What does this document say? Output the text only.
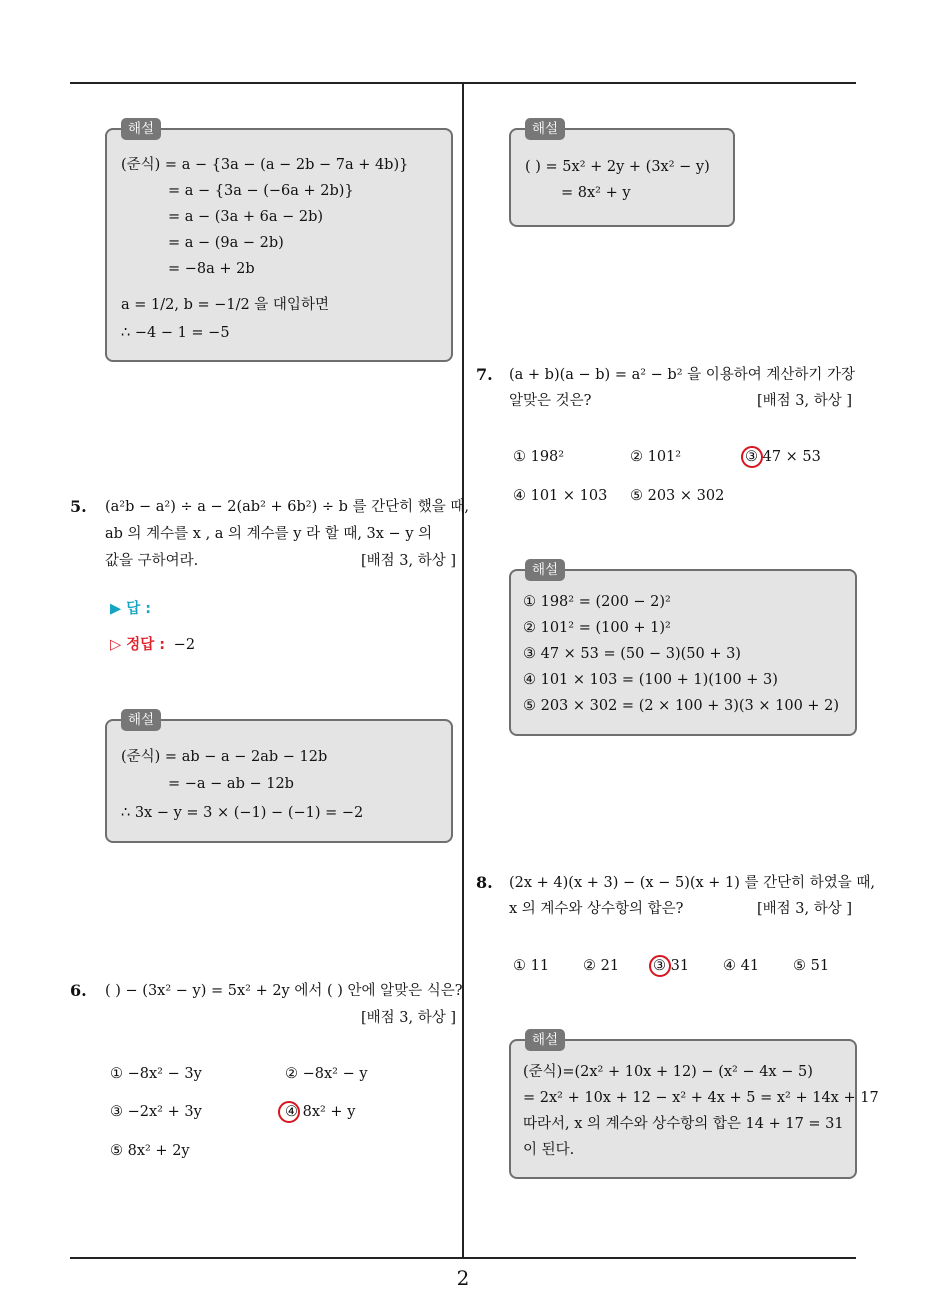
해설
(준식) = a − {3a − (a − 2b − 7a + 4b)}
= a − {3a − (−6a + 2b)}
= a − (3a + 6a − 2b)
= a − (9a − 2b)
= −8a + 2b
a = 1/2, b = −1/2 을 대입하면
∴ −4 − 1 = −5
5. (a²b − a²) ÷ a − 2(ab² + 6b²) ÷ b 를 간단히 했을 때,
ab 의 계수를 x , a 의 계수를 y 라 할 때, 3x − y 의
값을 구하여라.	[배점 3, 하상 ]
▶ 답 :
▷ 정답 : −2
해설
(준식) = ab − a − 2ab − 12b
= −a − ab − 12b
∴ 3x − y = 3 × (−1) − (−1) = −2
6. ( ) − (3x² − y) = 5x² + 2y 에서 ( ) 안에 알맞은 식은?
[배점 3, 하상 ]
① −8x² − 3y	② −8x² − y
③ −2x² + 3y	④ 8x² + y
⑤ 8x² + 2y
해설
( ) = 5x² + 2y + (3x² − y)
= 8x² + y
7. (a + b)(a − b) = a² − b² 을 이용하여 계산하기 가장
알맞은 것은?	[배점 3, 하상 ]
① 198²	② 101²	③ 47 × 53
④ 101 × 103 ⑤ 203 × 302
해설
① 198² = (200 − 2)²
② 101² = (100 + 1)²
③ 47 × 53 = (50 − 3)(50 + 3)
④ 101 × 103 = (100 + 1)(100 + 3)
⑤ 203 × 302 = (2 × 100 + 3)(3 × 100 + 2)
8. (2x + 4)(x + 3) − (x − 5)(x + 1) 를 간단히 하였을 때,
x 의 계수와 상수항의 합은?	[배점 3, 하상 ]
① 11 ② 21 ③ 31 ④ 41 ⑤ 51
해설
(준식)=(2x² + 10x + 12) − (x² − 4x − 5)
= 2x² + 10x + 12 − x² + 4x + 5 = x² + 14x + 17
따라서, x 의 계수와 상수항의 합은 14 + 17 = 31
이 된다.
2
